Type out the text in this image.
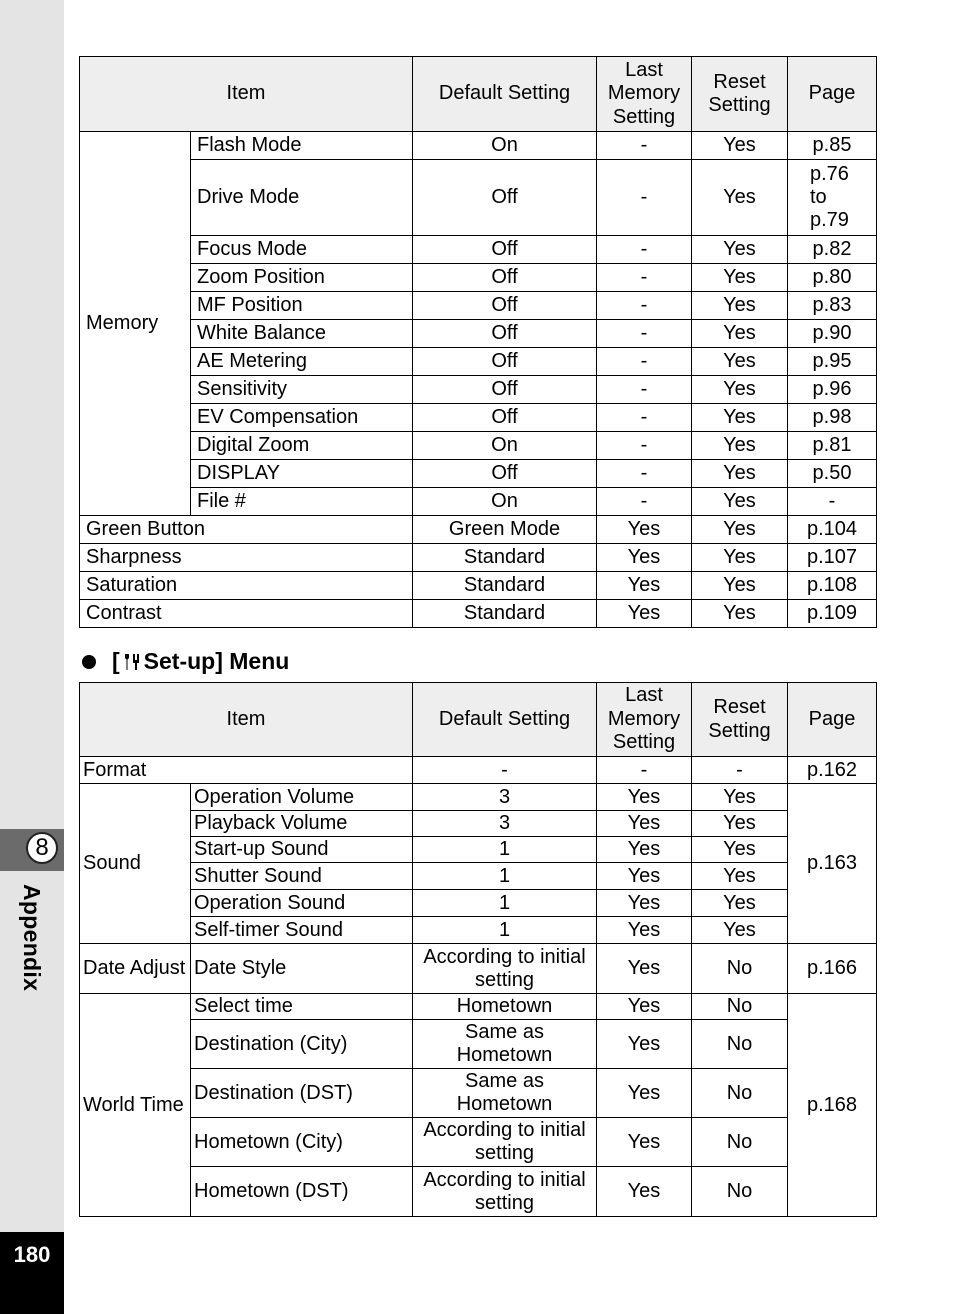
8
Appendix
180
Item		Default Setting	Last Memory Setting	Reset Setting	Page
Memory	Flash Mode	On	-	Yes	p.85
	Drive Mode	Off	-	Yes	p.76 to p.79
	Focus Mode	Off	-	Yes	p.82
	Zoom Position	Off	-	Yes	p.80
	MF Position	Off	-	Yes	p.83
	White Balance	Off	-	Yes	p.90
	AE Metering	Off	-	Yes	p.95
	Sensitivity	Off	-	Yes	p.96
	EV Compensation	Off	-	Yes	p.98
	Digital Zoom	On	-	Yes	p.81
	DISPLAY	Off	-	Yes	p.50
	File #	On	-	Yes	-
Green Button		Green Mode	Yes	Yes	p.104
Sharpness		Standard	Yes	Yes	p.107
Saturation		Standard	Yes	Yes	p.108
Contrast		Standard	Yes	Yes	p.109
[ Set-up] Menu
Item		Default Setting	Last Memory Setting	Reset Setting	Page
Format		-	-	-	p.162
Sound	Operation Volume	3	Yes	Yes	p.163
	Playback Volume	3	Yes	Yes	
	Start-up Sound	1	Yes	Yes	
	Shutter Sound	1	Yes	Yes	
	Operation Sound	1	Yes	Yes	
	Self-timer Sound	1	Yes	Yes	
Date Adjust	Date Style	According to initial setting	Yes	No	p.166
World Time	Select time	Hometown	Yes	No	p.168
	Destination (City)	Same as Hometown	Yes	No	
	Destination (DST)	Same as Hometown	Yes	No	
	Hometown (City)	According to initial setting	Yes	No	
	Hometown (DST)	According to initial setting	Yes	No	
